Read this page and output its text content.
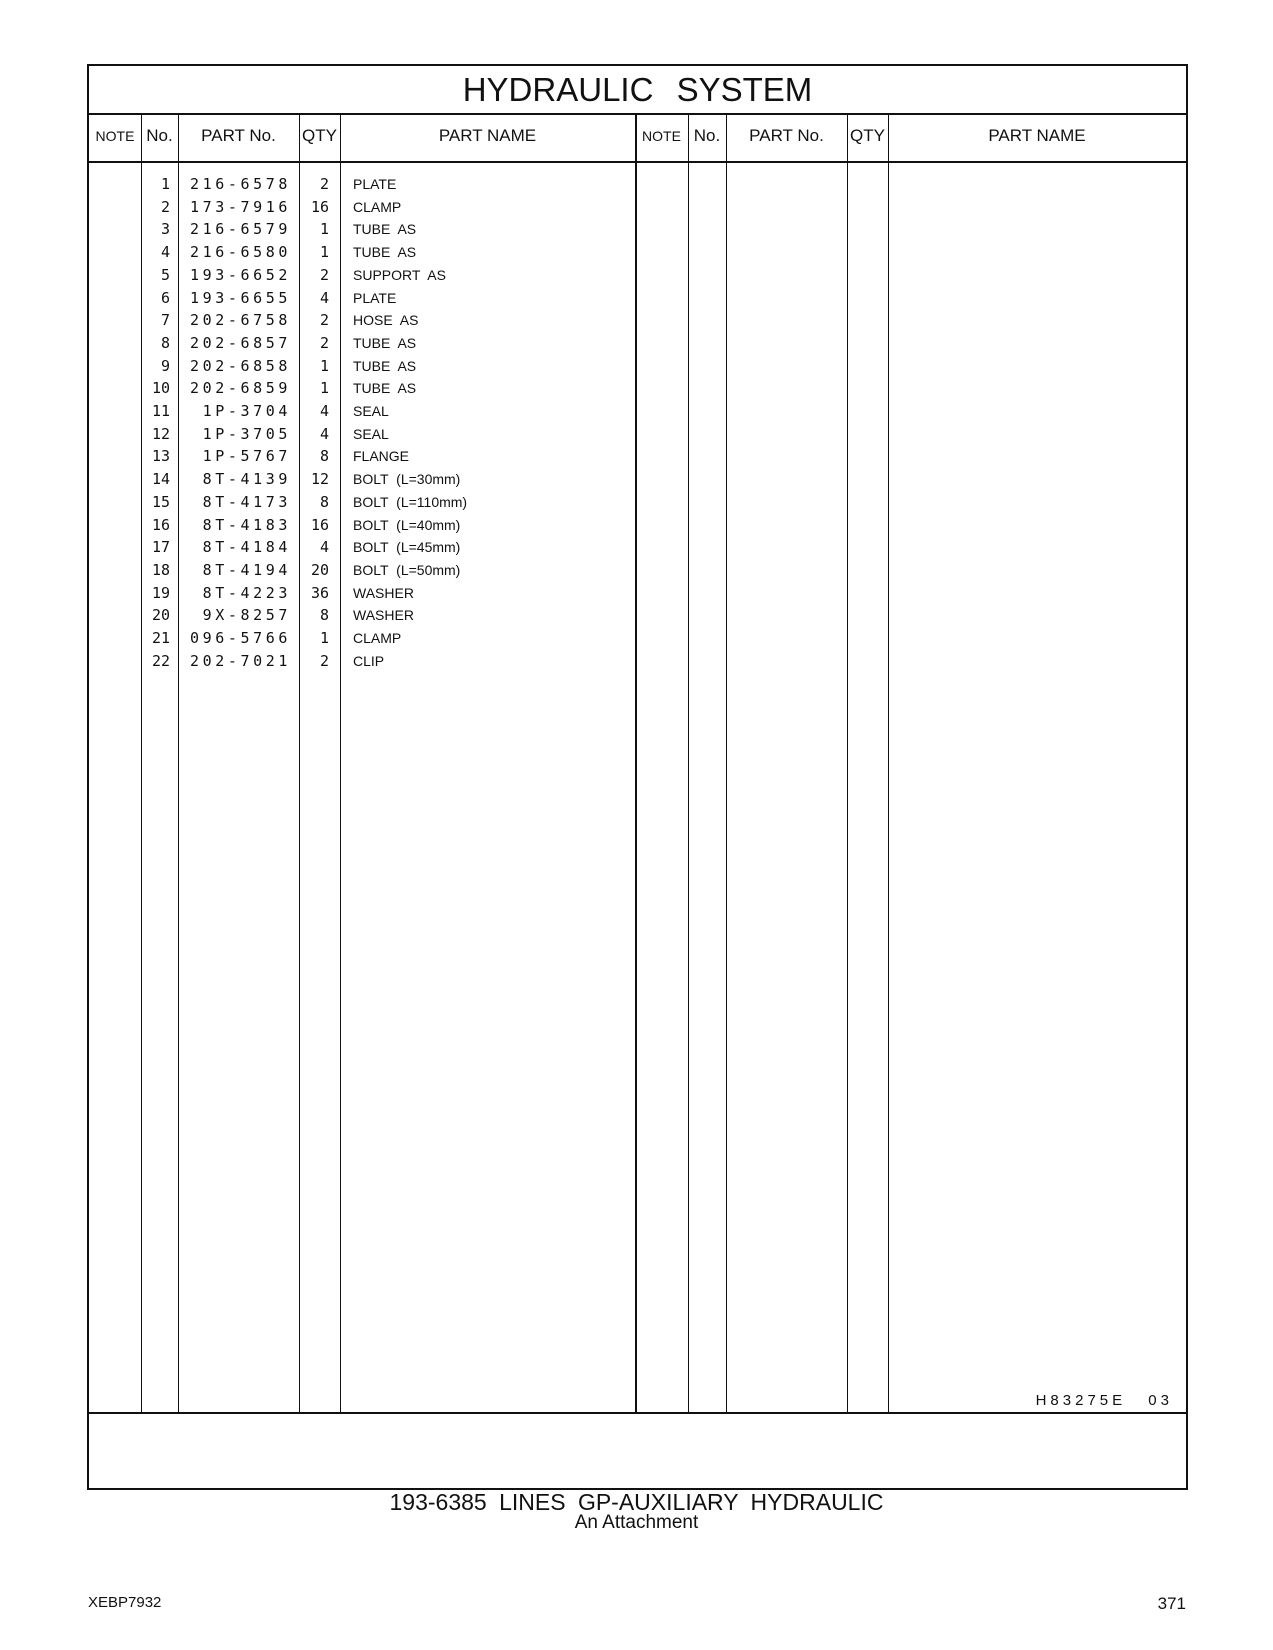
HYDRAULIC SYSTEM
NOTE No.	PART No.	QTY	PART NAME	NOTE No.	PART No.	QTY	PART NAME
1	216-6578	2 PLATE
2	173-7916 16 CLAMP
3	216-6579	1 TUBE AS
4	216-6580	1 TUBE AS
5	193-6652	2 SUPPORT AS
6	193-6655	4 PLATE
7	202-6758	2 HOSE AS
8	202-6857	2 TUBE AS
9	202-6858	1 TUBE AS
10	202-6859	1 TUBE AS
11	1P-3704	4 SEAL
12	1P-3705	4 SEAL
13	1P-5767	8 FLANGE
14	8T-4139 12 BOLT (L=30mm)
15	8T-4173	8 BOLT (L=110mm)
16	8T-4183 16 BOLT (L=40mm)
17	8T-4184	4 BOLT (L=45mm)
18	8T-4194 20 BOLT (L=50mm)
19	8T-4223 36 WASHER
20	9X-8257	8 WASHER
21	096-5766	1 CLAMP
22	202-7021	2 CLIP
H83275E 03
193-6385 LINES GP-AUXILIARY HYDRAULIC
An Attachment
XEBP7932	371
